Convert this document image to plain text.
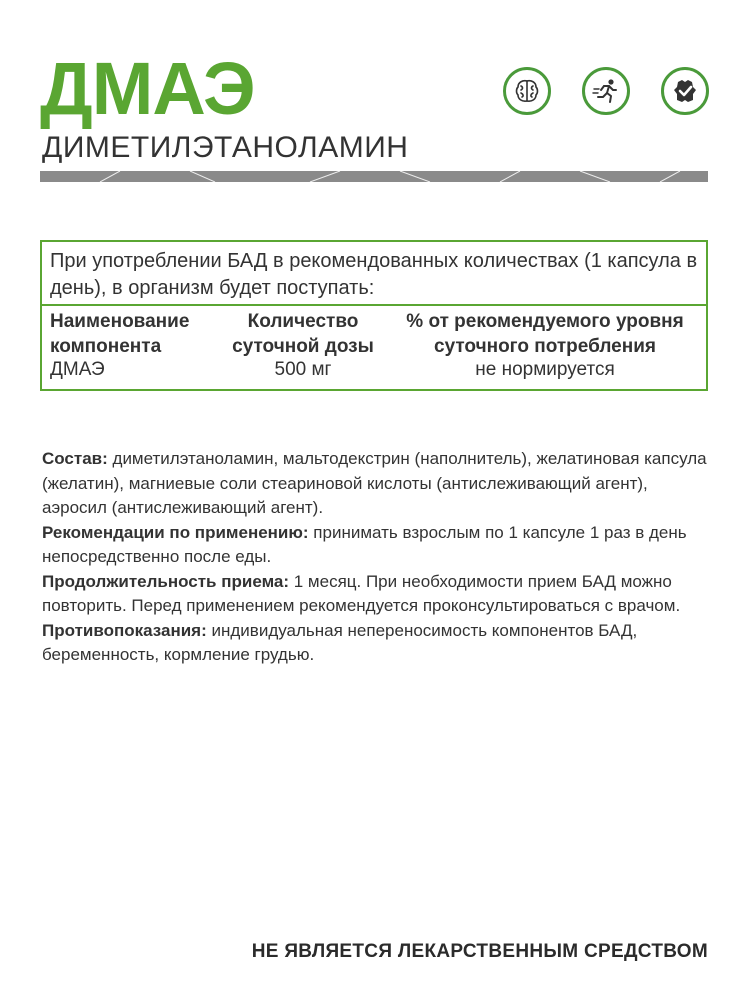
ДМАЭ
ДИМЕТИЛЭТАНОЛАМИН
При употреблении БАД в рекомендованных количествах (1 капсула в день), в организм будет поступать:
Наименование компонента
Количество суточной дозы
% от рекомендуемого уровня суточного потребления
ДМАЭ	500 мг	не нормируется
Состав: диметилэтаноламин, мальтодекстрин (наполнитель), желатиновая капсула (желатин), магниевые соли стеариновой кислоты (антислеживающий агент), аэросил (антислеживающий агент).
Рекомендации по применению: принимать взрослым по 1 капсуле 1 раз в день непосредственно после еды.
Продолжительность приема: 1 месяц. При необходимости прием БАД можно повторить. Перед применением рекомендуется проконсультироваться с врачом.
Противопоказания: индивидуальная непереносимость компонентов БАД, беременность, кормление грудью.
НЕ ЯВЛЯЕТСЯ ЛЕКАРСТВЕННЫМ СРЕДСТВОМ
